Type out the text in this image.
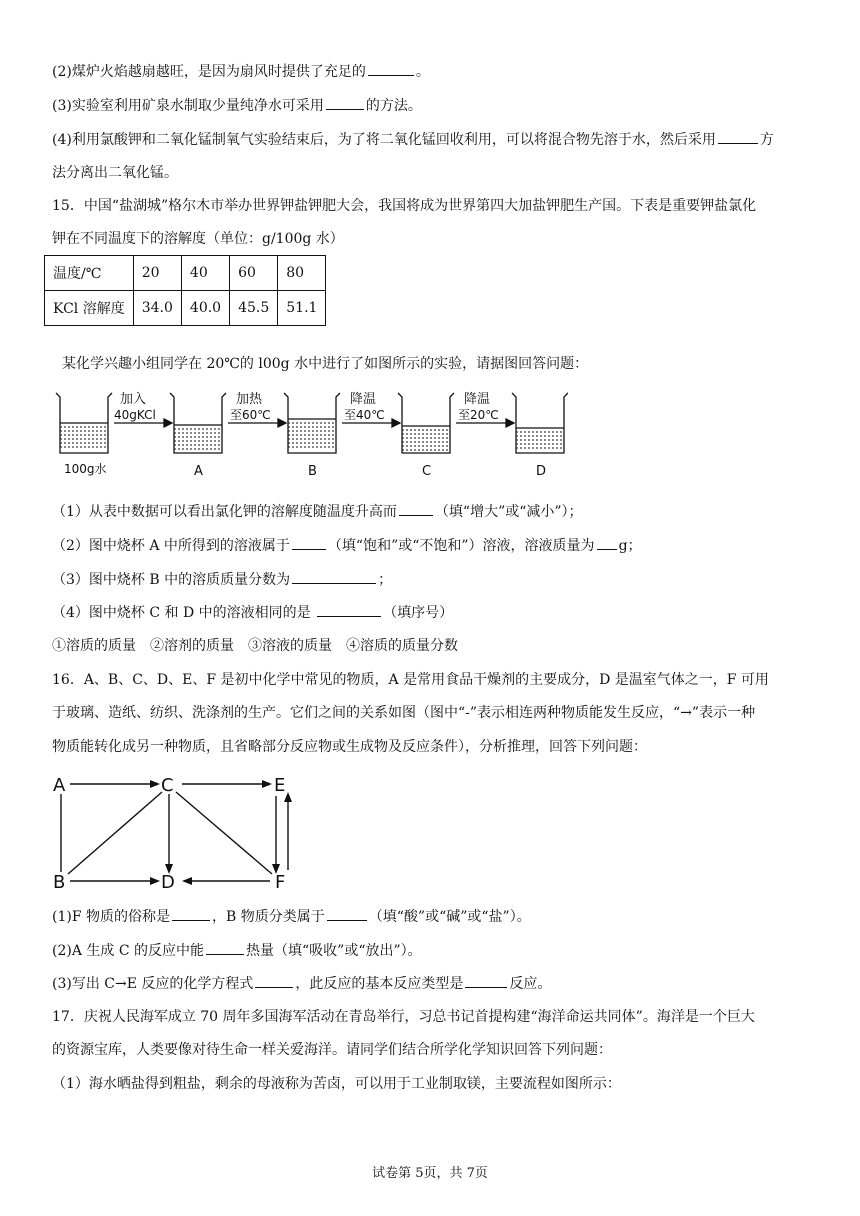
(2)煤炉火焰越扇越旺，是因为扇风时提供了充足的	。
(3)实验室利用矿泉水制取少量纯净水可采用	的方法。
(4)利用氯酸钾和二氧化锰制氧气实验结束后，为了将二氧化锰回收利用，可以将混合物先溶于水，然后采用	方
法分离出二氧化锰。
15．中国“盐湖城”格尔木市举办世界钾盐钾肥大会，我国将成为世界第四大加盐钾肥生产国。下表是重要钾盐氯化
钾在不同温度下的溶解度（单位：g/100g 水）
温度/℃	20	40	60	80
KCl 溶解度	34.0	40.0	45.5	51.1
某化学兴趣小组同学在 20℃的 l00g 水中进行了如图所示的实验，请据图回答问题：
加入
40gKCl
加热
至60℃
降温
至40℃
降温
至20℃
100g水	A	B	C	D
（1）从表中数据可以看出氯化钾的溶解度随温度升高而	（填“增大”或“减小”）；
（2）图中烧杯 A 中所得到的溶液属于	（填“饱和”或“不饱和”）溶液，溶液质量为 g；
（3）图中烧杯 B 中的溶质质量分数为	；
（4）图中烧杯 C 和 D 中的溶液相同的是	（填序号）
①溶质的质量　②溶剂的质量　③溶液的质量　④溶质的质量分数
16．A、B、C、D、E、F 是初中化学中常见的物质，A 是常用食品干燥剂的主要成分，D 是温室气体之一，F 可用
于玻璃、造纸、纺织、洗涤剂的生产。它们之间的关系如图（图中“-”表示相连两种物质能发生反应，“→”表示一种
物质能转化成另一种物质，且省略部分反应物或生成物及反应条件），分析推理，回答下列问题：
A	C	E
B	D	F
(1)F 物质的俗称是	，B 物质分类属于	（填“酸”或“碱”或“盐”）。
(2)A 生成 C 的反应中能	热量（填“吸收”或“放出”）。
(3)写出 C→E 反应的化学方程式	，此反应的基本反应类型是	反应。
17．庆祝人民海军成立 70 周年多国海军活动在青岛举行，习总书记首提构建“海洋命运共同体”。海洋是一个巨大
的资源宝库，人类要像对待生命一样关爱海洋。请同学们结合所学化学知识回答下列问题：
（1）海水晒盐得到粗盐，剩余的母液称为苦卤，可以用于工业制取镁，主要流程如图所示：
试卷第 5页，共 7页
